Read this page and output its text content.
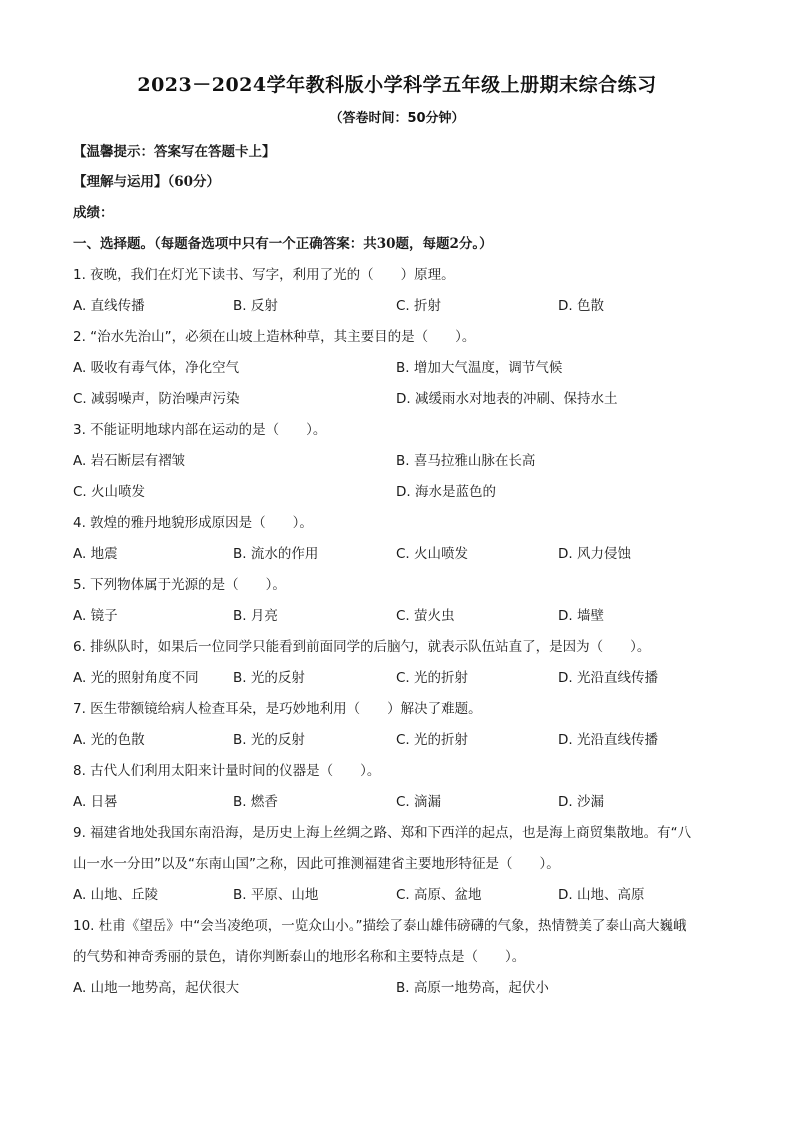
2023－2024学年教科版小学科学五年级上册期末综合练习
（答卷时间：50分钟）
【温馨提示：答案写在答题卡上】
【理解与运用】（60分）
成绩：
一、选择题。（每题备选项中只有一个正确答案：共30题，每题2分。）
1. 夜晚，我们在灯光下读书、写字，利用了光的（　　）原理。
A. 直线传播	B. 反射	C. 折射	D. 色散
2. “治水先治山”，必须在山坡上造林种草，其主要目的是（　　）。
A. 吸收有毒气体，净化空气	B. 增加大气温度，调节气候
C. 减弱噪声，防治噪声污染	D. 减缓雨水对地表的冲刷、保持水土
3. 不能证明地球内部在运动的是（　　）。
A. 岩石断层有褶皱	B. 喜马拉雅山脉在长高
C. 火山喷发	D. 海水是蓝色的
4. 敦煌的雅丹地貌形成原因是（　　）。
A. 地震	B. 流水的作用	C. 火山喷发	D. 风力侵蚀
5. 下列物体属于光源的是（　　）。
A. 镜子	B. 月亮	C. 萤火虫	D. 墙壁
6. 排纵队时，如果后一位同学只能看到前面同学的后脑勺，就表示队伍站直了，是因为（　　）。
A. 光的照射角度不同	B. 光的反射	C. 光的折射	D. 光沿直线传播
7. 医生带额镜给病人检查耳朵，是巧妙地利用（　　）解决了难题。
A. 光的色散	B. 光的反射	C. 光的折射	D. 光沿直线传播
8. 古代人们利用太阳来计量时间的仪器是（　　）。
A. 日晷	B. 燃香	C. 滴漏	D. 沙漏
9. 福建省地处我国东南沿海，是历史上海上丝绸之路、郑和下西洋的起点，也是海上商贸集散地。有“八
山一水一分田”以及“东南山国”之称，因此可推测福建省主要地形特征是（　　）。
A. 山地、丘陵	B. 平原、山地	C. 高原、盆地	D. 山地、高原
10. 杜甫《望岳》中“会当凌绝项，一览众山小。”描绘了泰山雄伟磅礴的气象，热情赞美了泰山高大巍峨
的气势和神奇秀丽的景色，请你判断泰山的地形名称和主要特点是（　　）。
A. 山地一地势高，起伏很大	B. 高原一地势高，起伏小
